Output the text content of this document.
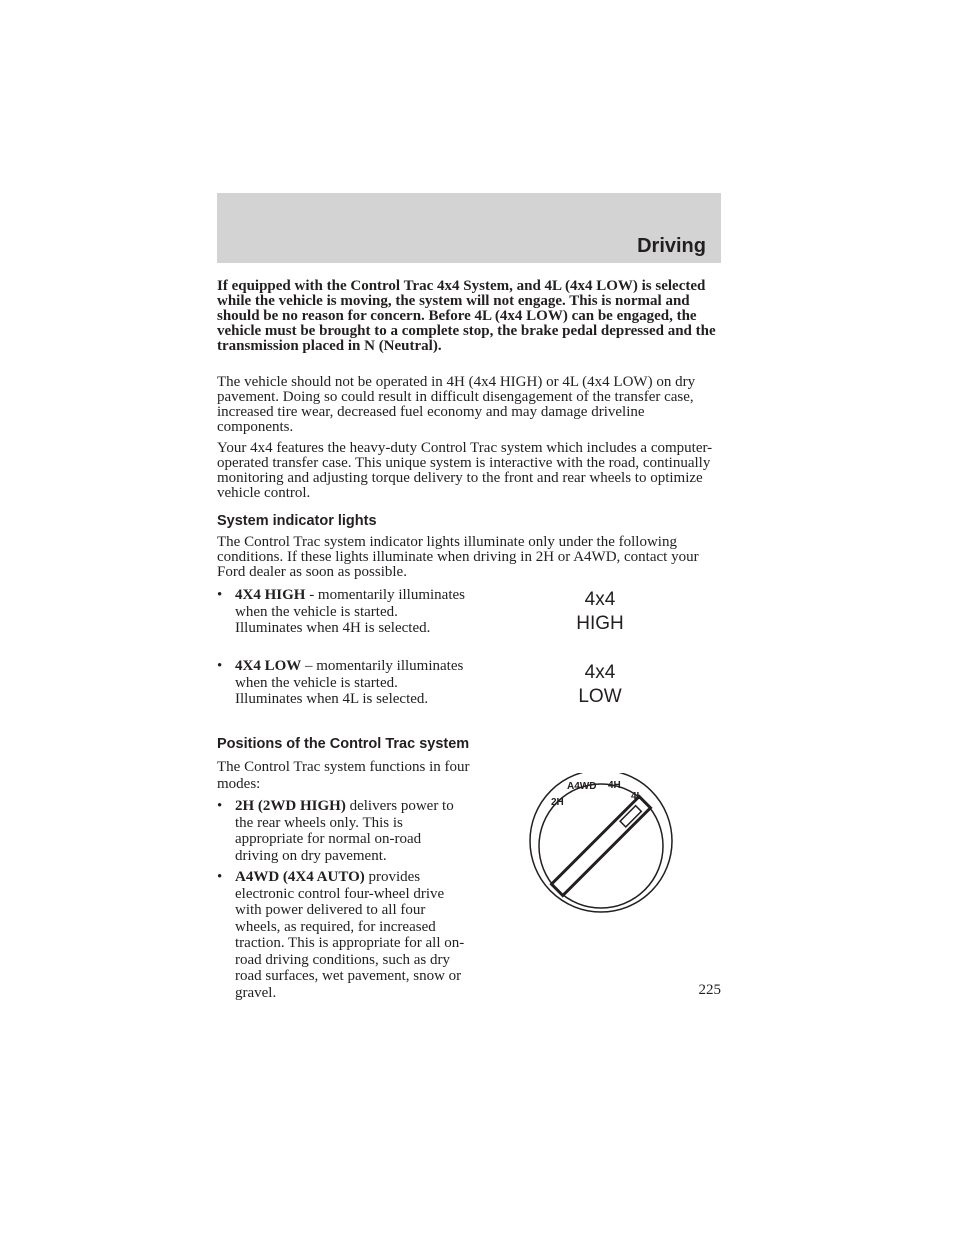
Driving

If equipped with the Control Trac 4x4 System, and 4L (4x4 LOW) is selected while the vehicle is moving, the system will not engage. This is normal and should be no reason for concern. Before 4L (4x4 LOW) can be engaged, the vehicle must be brought to a complete stop, the brake pedal depressed and the transmission placed in N (Neutral).

The vehicle should not be operated in 4H (4x4 HIGH) or 4L (4x4 LOW) on dry pavement. Doing so could result in difficult disengagement of the transfer case, increased tire wear, decreased fuel economy and may damage driveline components.

Your 4x4 features the heavy-duty Control Trac system which includes a computer-operated transfer case. This unique system is interactive with the road, continually monitoring and adjusting torque delivery to the front and rear wheels to optimize vehicle control.

System indicator lights

The Control Trac system indicator lights illuminate only under the following conditions. If these lights illuminate when driving in 2H or A4WD, contact your Ford dealer as soon as possible.

• 4X4 HIGH - momentarily illuminates when the vehicle is started. Illuminates when 4H is selected.
• 4X4 LOW – momentarily illuminates when the vehicle is started. Illuminates when 4L is selected.
4x4
HIGH
4x4
LOW
Positions of the Control Trac system

The Control Trac system functions in four modes:

• 2H (2WD HIGH) delivers power to the rear wheels only. This is appropriate for normal on-road driving on dry pavement.
• A4WD (4X4 AUTO) provides electronic control four-wheel drive with power delivered to all four wheels, as required, for increased traction. This is appropriate for all on-road driving conditions, such as dry road surfaces, wet pavement, snow or gravel.
2H
A4WD 4H
4L
225
